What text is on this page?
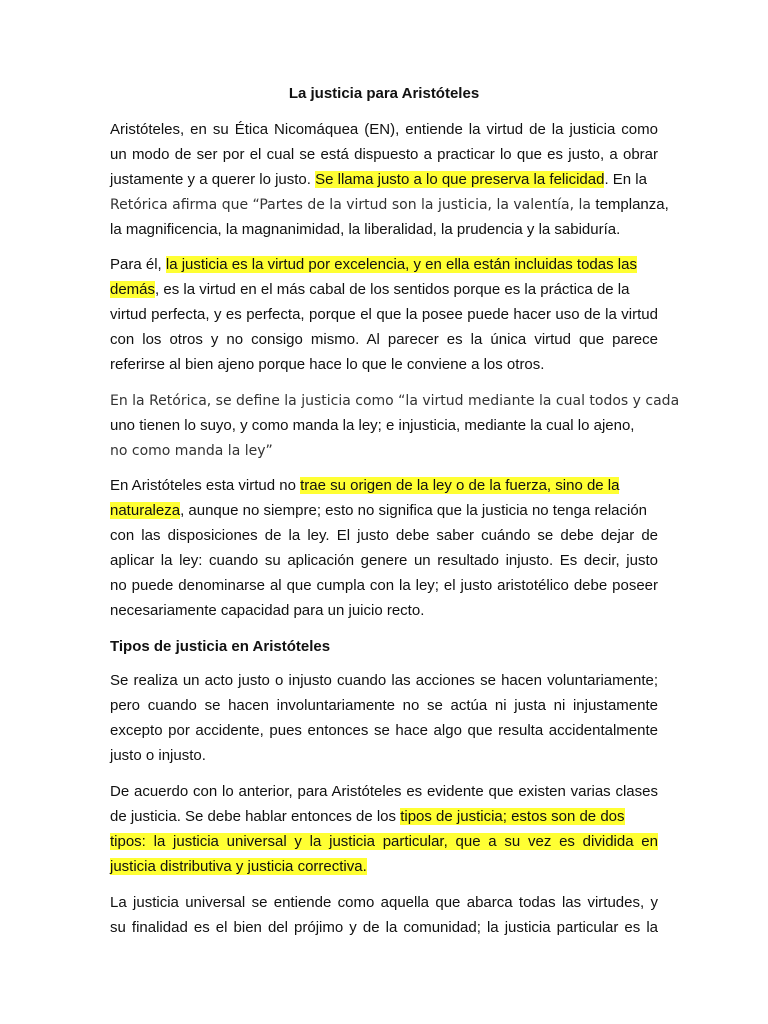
La justicia para Aristóteles
Aristóteles, en su Ética Nicomáquea (EN), entiende la virtud de la justicia como
un modo de ser por el cual se está dispuesto a practicar lo que es justo, a obrar
justamente y a querer lo justo. Se llama justo a lo que preserva la felicidad. En la
Retórica afirma que “Partes de la virtud son la justicia, la valentía, la templanza,
la magnificencia, la magnanimidad, la liberalidad, la prudencia y la sabiduría.
Para él, la justicia es la virtud por excelencia, y en ella están incluidas todas las
demás, es la virtud en el más cabal de los sentidos porque es la práctica de la
virtud perfecta, y es perfecta, porque el que la posee puede hacer uso de la virtud
con los otros y no consigo mismo. Al parecer es la única virtud que parece
referirse al bien ajeno porque hace lo que le conviene a los otros.
En la Retórica, se define la justicia como “la virtud mediante la cual todos y cada
uno tienen lo suyo, y como manda la ley; e injusticia, mediante la cual lo ajeno,
no como manda la ley”
En Aristóteles esta virtud no trae su origen de la ley o de la fuerza, sino de la
naturaleza, aunque no siempre; esto no significa que la justicia no tenga relación
con las disposiciones de la ley. El justo debe saber cuándo se debe dejar de
aplicar la ley: cuando su aplicación genere un resultado injusto. Es decir, justo
no puede denominarse al que cumpla con la ley; el justo aristotélico debe poseer
necesariamente capacidad para un juicio recto.
Tipos de justicia en Aristóteles
Se realiza un acto justo o injusto cuando las acciones se hacen voluntariamente;
pero cuando se hacen involuntariamente no se actúa ni justa ni injustamente
excepto por accidente, pues entonces se hace algo que resulta accidentalmente
justo o injusto.
De acuerdo con lo anterior, para Aristóteles es evidente que existen varias clases
de justicia. Se debe hablar entonces de los tipos de justicia; estos son de dos
tipos: la justicia universal y la justicia particular, que a su vez es dividida en
justicia distributiva y justicia correctiva.
La justicia universal se entiende como aquella que abarca todas las virtudes, y
su finalidad es el bien del prójimo y de la comunidad; la justicia particular es la
